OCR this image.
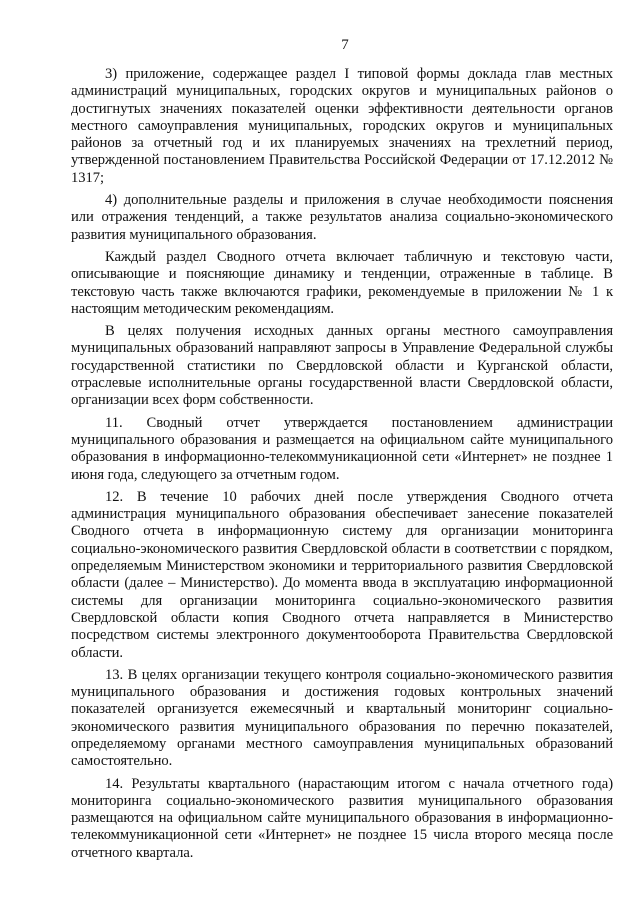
7

3) приложение, содержащее раздел I типовой формы доклада глав местных администраций муниципальных, городских округов и муниципальных районов о достигнутых значениях показателей оценки эффективности деятельности органов местного самоуправления муниципальных, городских округов и муниципальных районов за отчетный год и их планируемых значениях на трехлетний период, утвержденной постановлением Правительства Российской Федерации от 17.12.2012 № 1317;

4) дополнительные разделы и приложения в случае необходимости пояснения или отражения тенденций, а также результатов анализа социально-экономического развития муниципального образования.

Каждый раздел Сводного отчета включает табличную и текстовую части, описывающие и поясняющие динамику и тенденции, отраженные в таблице. В текстовую часть также включаются графики, рекомендуемые в приложении № 1 к настоящим методическим рекомендациям.

В целях получения исходных данных органы местного самоуправления муниципальных образований направляют запросы в Управление Федеральной службы государственной статистики по Свердловской области и Курганской области, отраслевые исполнительные органы государственной власти Свердловской области, организации всех форм собственности.

11. Сводный отчет утверждается постановлением администрации муниципального образования и размещается на официальном сайте муниципального образования в информационно-телекоммуникационной сети «Интернет» не позднее 1 июня года, следующего за отчетным годом.

12. В течение 10 рабочих дней после утверждения Сводного отчета администрация муниципального образования обеспечивает занесение показателей Сводного отчета в информационную систему для организации мониторинга социально-экономического развития Свердловской области в соответствии с порядком, определяемым Министерством экономики и территориального развития Свердловской области (далее – Министерство). До момента ввода в эксплуатацию информационной системы для организации мониторинга социально-экономического развития Свердловской области копия Сводного отчета направляется в Министерство посредством системы электронного документооборота Правительства Свердловской области.

13. В целях организации текущего контроля социально-экономического развития муниципального образования и достижения годовых контрольных значений показателей организуется ежемесячный и квартальный мониторинг социально-экономического развития муниципального образования по перечню показателей, определяемому органами местного самоуправления муниципальных образований самостоятельно.

14. Результаты квартального (нарастающим итогом с начала отчетного года) мониторинга социально-экономического развития муниципального образования размещаются на официальном сайте муниципального образования в информационно-телекоммуникационной сети «Интернет» не позднее 15 числа второго месяца после отчетного квартала.
